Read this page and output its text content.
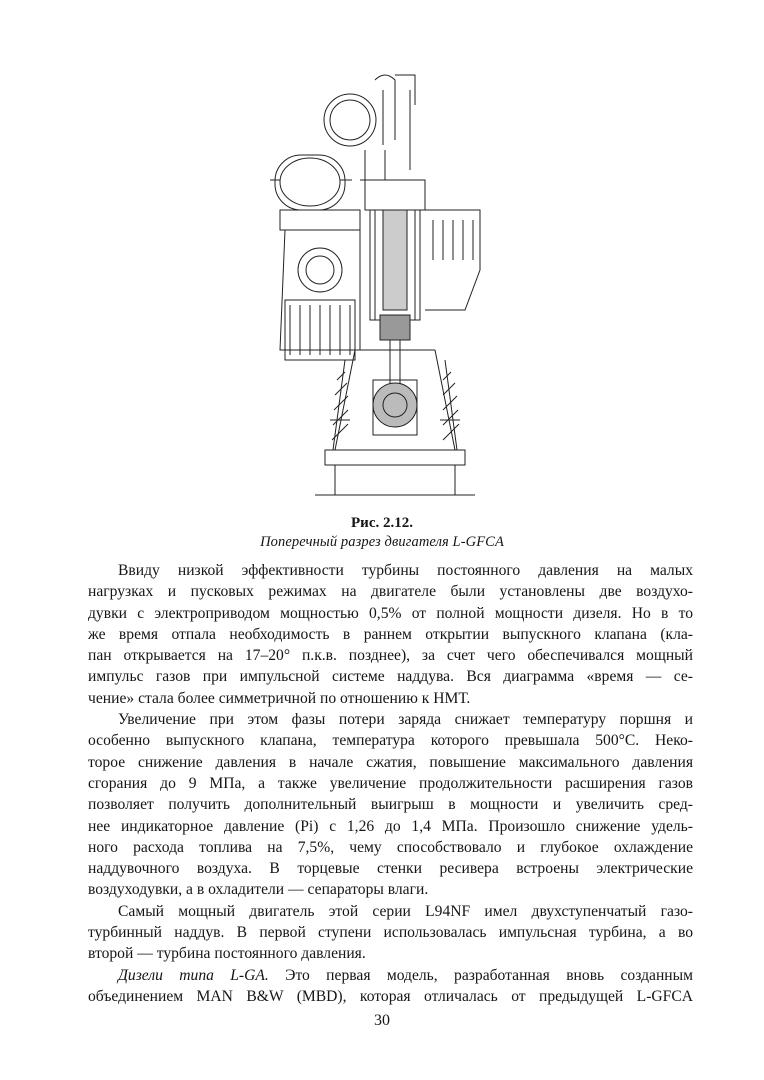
Рис. 2.12.
Поперечный разрез двигателя L-GFCA
Ввиду низкой эффективности турбины постоянного давления на малых
нагрузках и пусковых режимах на двигателе были установлены две воздухо-
дувки с электроприводом мощностью 0,5% от полной мощности дизеля. Но в то
же время отпала необходимость в раннем открытии выпускного клапана (кла-
пан открывается на 17–20° п.к.в. позднее), за счет чего обеспечивался мощный
импульс газов при импульсной системе наддува. Вся диаграмма «время — се-
чение» стала более симметричной по отношению к НМТ.
Увеличение при этом фазы потери заряда снижает температуру поршня и
особенно выпускного клапана, температура которого превышала 500°С. Неко-
торое снижение давления в начале сжатия, повышение максимального давления
сгорания до 9 МПа, а также увеличение продолжительности расширения газов
позволяет получить дополнительный выигрыш в мощности и увеличить сред-
нее индикаторное давление (Pi) с 1,26 до 1,4 МПа. Произошло снижение удель-
ного расхода топлива на 7,5%, чему способствовало и глубокое охлаждение
наддувочного воздуха. В торцевые стенки ресивера встроены электрические
воздуходувки, а в охладители — сепараторы влаги.
Самый мощный двигатель этой серии L94NF имел двухступенчатый газо-
турбинный наддув. В первой ступени использовалась импульсная турбина, а во
второй — турбина постоянного давления.
Дизели типа L-GA. Это первая модель, разработанная вновь созданным
объединением MAN B&W (MBD), которая отличалась от предыдущей L-GFCA
30
